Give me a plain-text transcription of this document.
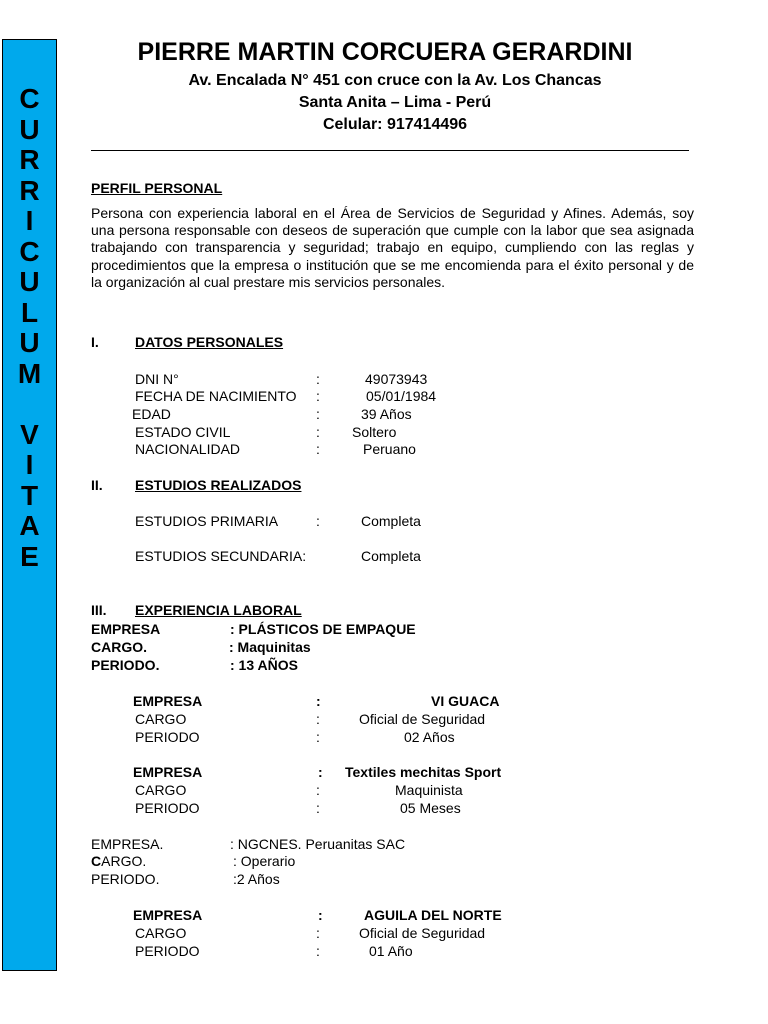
C
U
R
R
I
C
U
L
U
M
V
I
T
A
E
PIERRE MARTIN CORCUERA GERARDINI
Av. Encalada N° 451 con cruce con la Av. Los Chancas
Santa Anita – Lima - Perú
Celular: 917414496
PERFIL PERSONAL
Persona con experiencia laboral en el Área de Servicios de Seguridad y Afines. Además, soy una persona responsable con deseos de superación que cumple con la labor que sea asignada trabajando con transparencia y seguridad; trabajo en equipo, cumpliendo con las reglas y procedimientos que la empresa o institución que se me encomienda para el éxito personal y de la organización al cual prestare mis servicios personales.
I.	DATOS PERSONALES
DNI N°	:	49073943
FECHA DE NACIMIENTO :	05/01/1984
EDAD	:	39 Años
ESTADO CIVIL	: Soltero
NACIONALIDAD	:	Peruano
II. ESTUDIOS REALIZADOS
ESTUDIOS PRIMARIA	:	Completa
ESTUDIOS SECUNDARIA:	Completa
III. EXPERIENCIA LABORAL
EMPRESA	: PLÁSTICOS DE EMPAQUE
CARGO.	: Maquinitas
PERIODO.	: 13 AÑOS
EMPRESA	:	VI GUACA
CARGO	:	Oficial de Seguridad
PERIODO	:	02 Años
EMPRESA	: Textiles mechitas Sport
CARGO	:	Maquinista
PERIODO	:	05 Meses
EMPRESA.	: NGCNES. Peruanitas SAC
CARGO.	: Operario
PERIODO.	:2 Años
EMPRESA	:	AGUILA DEL NORTE
CARGO	:	Oficial de Seguridad
PERIODO	:	01 Año
